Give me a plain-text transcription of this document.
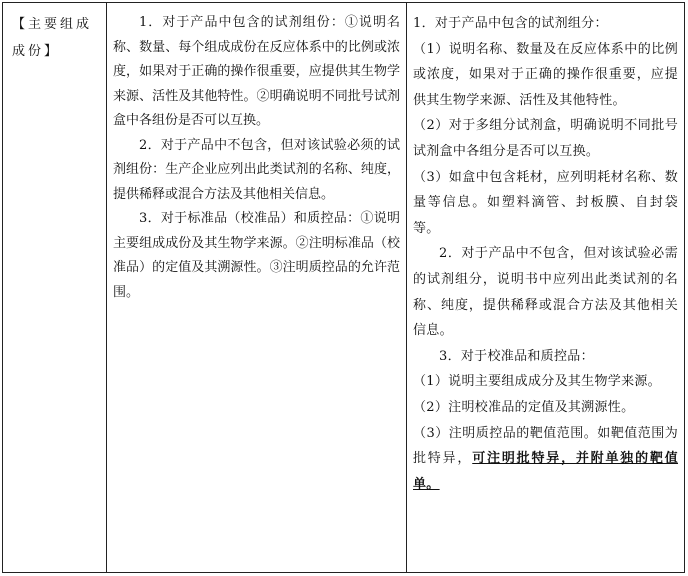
【主要组成成份】

1．对于产品中包含的试剂组份：①说明名称、数量、每个组成成份在反应体系中的比例或浓度，如果对于正确的操作很重要，应提供其生物学来源、活性及其他特性。②明确说明不同批号试剂盒中各组份是否可以互换。

2．对于产品中不包含，但对该试验必须的试剂组份：生产企业应列出此类试剂的名称、纯度，提供稀释或混合方法及其他相关信息。

3．对于标准品（校准品）和质控品：①说明主要组成成份及其生物学来源。②注明标准品（校准品）的定值及其溯源性。③注明质控品的允许范围。

1．对于产品中包含的试剂组分：

（1）说明名称、数量及在反应体系中的比例或浓度，如果对于正确的操作很重要，应提供其生物学来源、活性及其他特性。

（2）对于多组分试剂盒，明确说明不同批号试剂盒中各组分是否可以互换。

（3）如盒中包含耗材，应列明耗材名称、数量等信息。如塑料滴管、封板膜、自封袋等。

2．对于产品中不包含，但对该试验必需的试剂组分，说明书中应列出此类试剂的名称、纯度，提供稀释或混合方法及其他相关信息。

3．对于校准品和质控品：

（1）说明主要组成成分及其生物学来源。

（2）注明校准品的定值及其溯源性。

（3）注明质控品的靶值范围。如靶值范围为批特异，可注明批特异，并附单独的靶值单。
